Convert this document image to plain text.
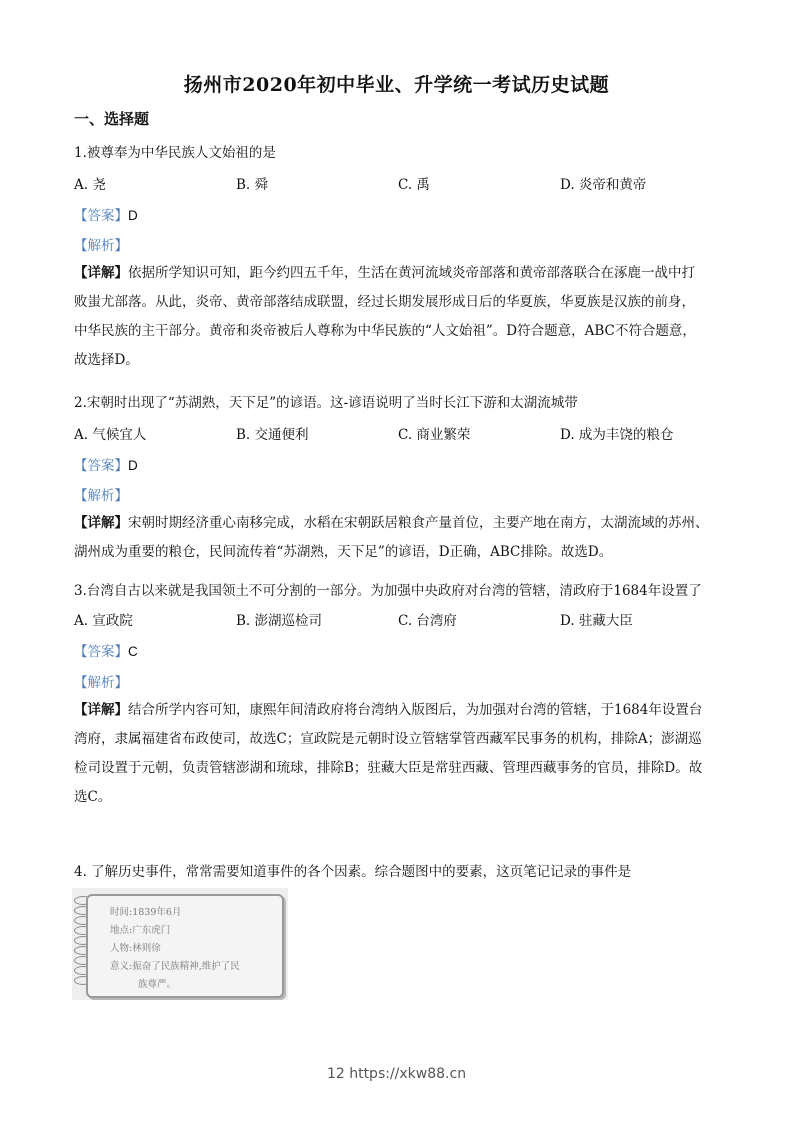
扬州市2020年初中毕业、升学统一考试历史试题
一、选择题
1.被尊奉为中华民族人文始祖的是
A. 尧	B. 舜	C. 禹	D. 炎帝和黄帝
【答案】D
【解析】
【详解】依据所学知识可知，距今约四五千年，生活在黄河流域炎帝部落和黄帝部落联合在涿鹿一战中打
败蚩尤部落。从此，炎帝、黄帝部落结成联盟，经过长期发展形成日后的华夏族，华夏族是汉族的前身，
中华民族的主干部分。黄帝和炎帝被后人尊称为中华民族的“人文始祖”。D符合题意，ABC不符合题意，
故选择D。
2.宋朝时出现了“苏湖熟，天下足”的谚语。这-谚语说明了当时长江下游和太湖流城带
A. 气候宜人	B. 交通便利	C. 商业繁荣	D. 成为丰饶的粮仓
【答案】D
【解析】
【详解】宋朝时期经济重心南移完成，水稻在宋朝跃居粮食产量首位，主要产地在南方，太湖流域的苏州、
湖州成为重要的粮仓，民间流传着“苏湖熟，天下足”的谚语，D正确，ABC排除。故选D。
3.台湾自古以来就是我国领土不可分割的一部分。为加强中央政府对台湾的管辖，清政府于1684年设置了
A. 宣政院	B. 澎湖巡检司	C. 台湾府	D. 驻藏大臣
【答案】C
【解析】
【详解】结合所学内容可知，康熙年间清政府将台湾纳入版图后，为加强对台湾的管辖，于1684年设置台
湾府，隶属福建省布政使司，故选C；宣政院是元朝时设立管辖掌管西藏军民事务的机构，排除A；澎湖巡
检司设置于元朝，负责管辖澎湖和琉球，排除B；驻藏大臣是常驻西藏、管理西藏事务的官员，排除D。故
选C。
4. 了解历史事件，常常需要知道事件的各个因素。综合题图中的要素，这页笔记记录的事件是
时间:1839年6月
地点:广东虎门
人物:林则徐
意义:振奋了民族精神,维护了民
族尊严。
12 https://xkw88.cn
